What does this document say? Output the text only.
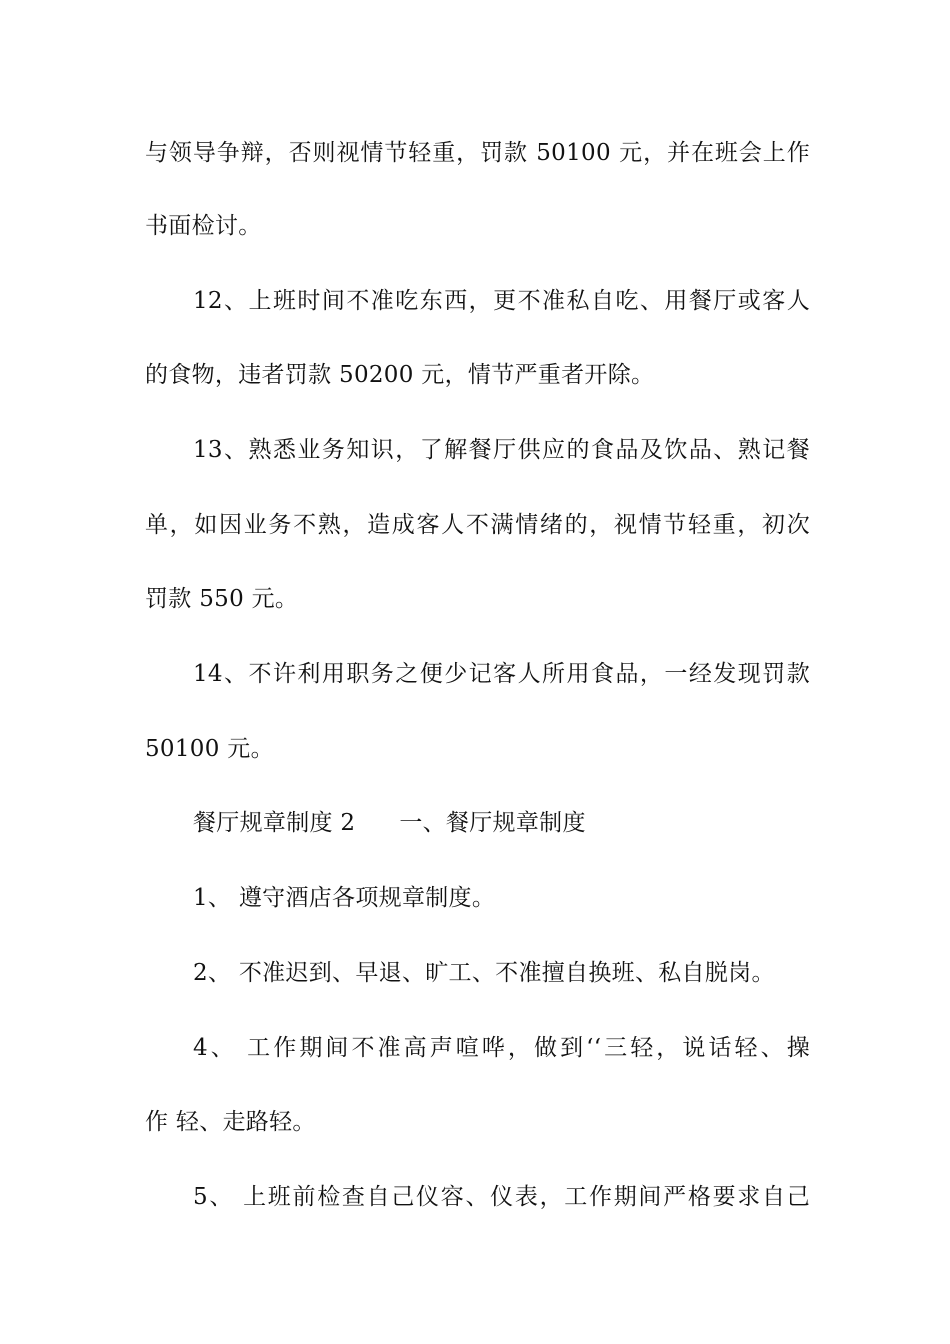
与领导争辩，否则视情节轻重，罚款 50100 元，并在班会上作
书面检讨。
12、上班时间不准吃东西，更不准私自吃、用餐厅或客人
的食物，违者罚款 50200 元，情节严重者开除。
13、熟悉业务知识，了解餐厅供应的食品及饮品、熟记餐
单，如因业务不熟，造成客人不满情绪的，视情节轻重，初次
罚款 550 元。
14、不许利用职务之便少记客人所用食品，一经发现罚款
50100 元。
餐厅规章制度 2 一、餐厅规章制度
1、 遵守酒店各项规章制度。
2、 不准迟到、早退、旷工、不准擅自换班、私自脱岗。
4、 工作期间不准高声喧哗，做到‘‘三轻，说话轻、操
作 轻、走路轻。
5、 上班前检查自己仪容、仪表，工作期间严格要求自己
